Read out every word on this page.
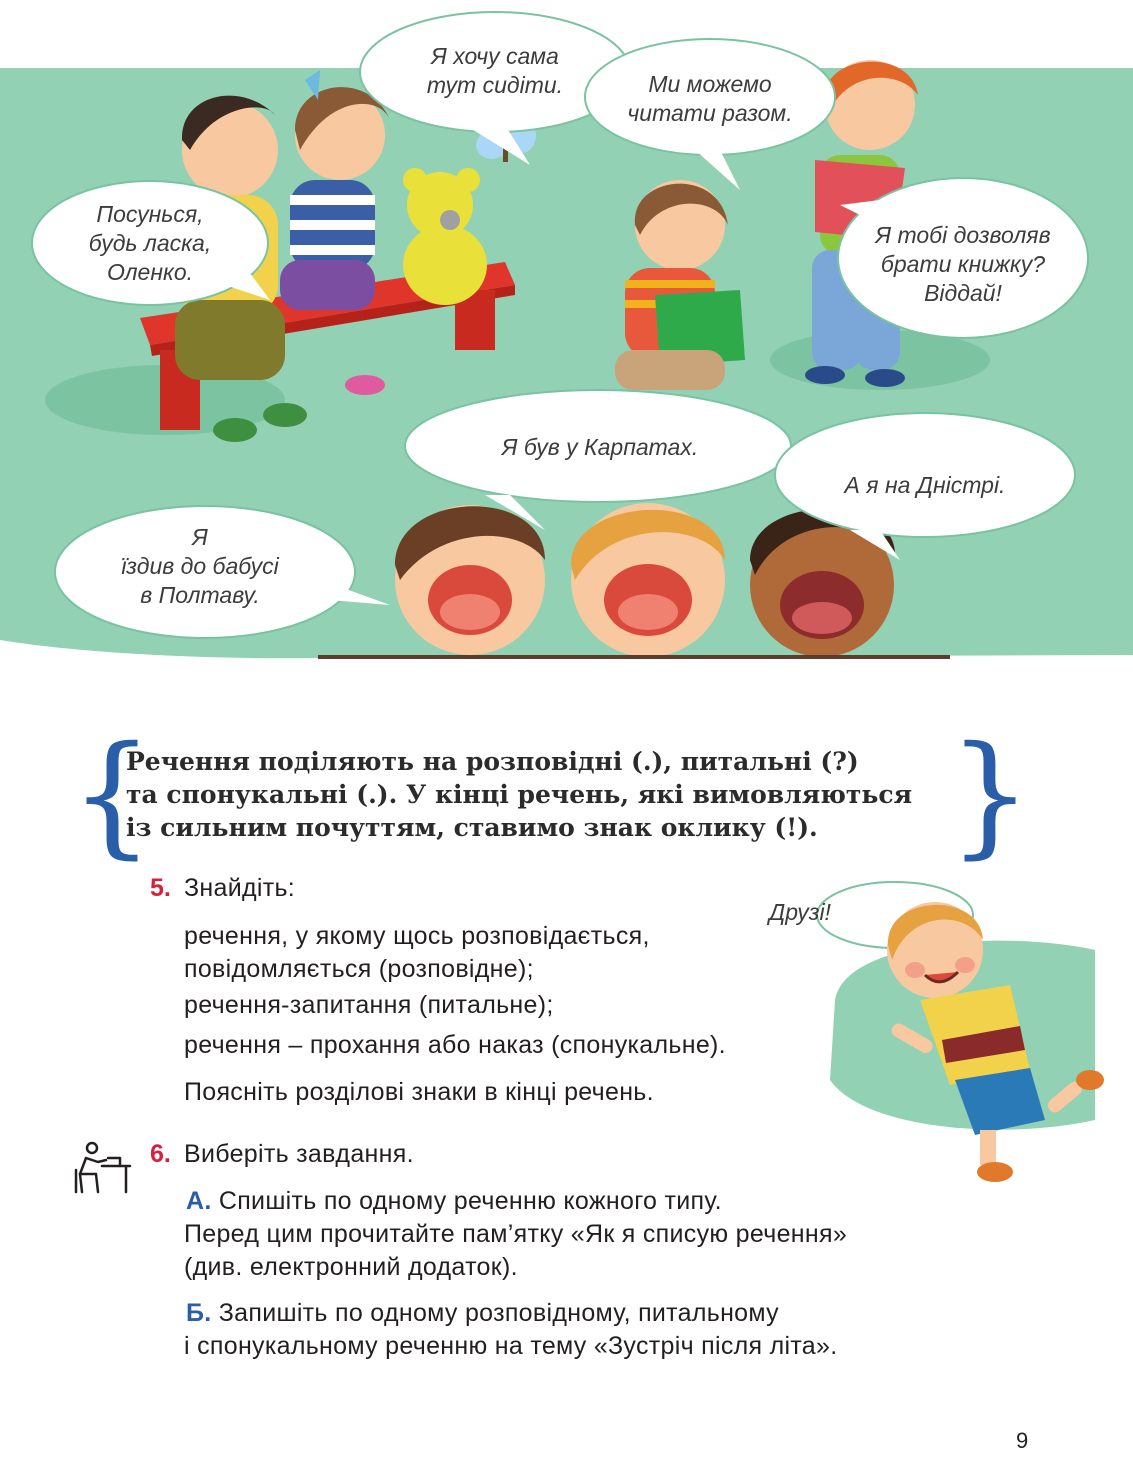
Посунься,
будь ласка,
Оленко.
Я хочу сама
тут сидіти.	Ми можемо
читати разом.
Я тобі дозволяв
брати книжку?
Віддай!
Я був у Карпатах.
А я на Дністрі.
Я
їздив до бабусі
в Полтаву.
{
Речення поділяють на розповідні (.), питальні (?)
та спонукальні (.). У кінці речень, які вимовляються
із сильним почуттям, ставимо знак оклику (!). }
5. Знайдіть:
речення, у якому щось розповідається,
повідомляється (розповідне);
речення-запитання (питальне);
речення – прохання або наказ (спонукальне).
Поясніть розділові знаки в кінці речень.
Друзі!
6. Виберіть завдання.
А. Спишіть по одному реченню кожного типу.
Перед цим прочитайте пам’ятку «Як я списую речення»
(див. електронний додаток).
Б. Запишіть по одному розповідному, питальному
і спонукальному реченню на тему «Зустріч після літа».
9
